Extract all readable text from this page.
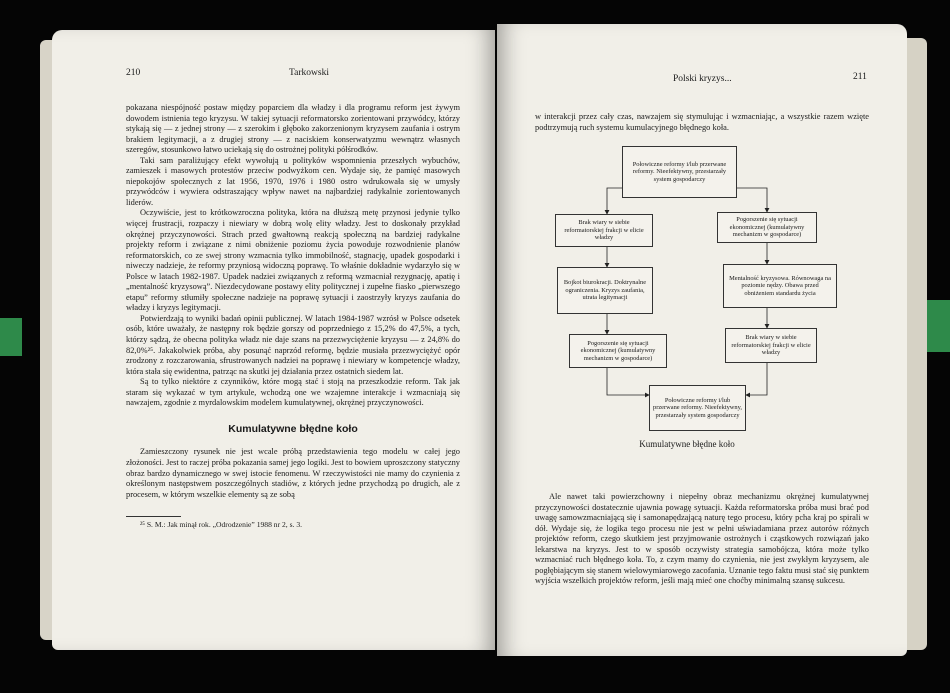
210	Tarkowski

pokazana niespójność postaw między poparciem dla władzy i dla programu reform jest żywym dowodem istnienia tego kryzysu. W takiej sytuacji reformatorsko zorientowani przywódcy, którzy stykają się — z jednej strony — z szerokim i głęboko zakorzenionym kryzysem zaufania i ostrym brakiem legitymacji, a z drugiej strony — z naciskiem konserwatyzmu wewnątrz własnych szeregów, stosunkowo łatwo uciekają się do ostrożnej polityki półśrodków.

Taki sam paraliżujący efekt wywołują u polityków wspomnienia przeszłych wybuchów, zamieszek i masowych protestów przeciw podwyżkom cen. Wydaje się, że pamięć masowych niepokojów społecznych z lat 1956, 1970, 1976 i 1980 ostro wdrukowała się w umysły przywódców i wywiera odstraszający wpływ nawet na najbardziej radykalnie zorientowanych liderów.

Oczywiście, jest to krótkowzroczna polityka, która na dłuższą metę przynosi jedynie tylko więcej frustracji, rozpaczy i niewiary w dobrą wolę elity władzy. Jest to doskonały przykład okrężnej przyczynowości. Strach przed gwałtowną reakcją społeczną na bardziej radykalne projekty reform i związane z nimi obniżenie poziomu życia powoduje rozwodnienie planów reformatorskich, co ze swej strony wzmacnia tylko immobilność, stagnację, upadek gospodarki i niweczy nadzieje, że reformy przyniosą widoczną poprawę. To właśnie dokładnie wydarzyło się w Polsce w latach 1982-1987. Upadek nadziei związanych z reformą wzmacniał rezygnację, apatię i „mentalność kryzysową”. Niezdecydowane postawy elity politycznej i zupełne fiasko „pierwszego etapu” reformy stłumiły społeczne nadzieje na poprawę sytuacji i zaostrzyły kryzys zaufania do władzy i kryzys legitymacji.

Potwierdzają to wyniki badań opinii publicznej. W latach 1984-1987 wzrósł w Polsce odsetek osób, które uważały, że następny rok będzie gorszy od poprzedniego z 15,2% do 47,5%, a tych, którzy sądzą, że obecna polityka władz nie daje szans na przezwyciężenie kryzysu — z 24,8% do 82,0%²⁵. Jakakolwiek próba, aby posunąć naprzód reformę, będzie musiała przezwyciężyć opór zrodzony z rozczarowania, sfrustrowanych nadziei na poprawę i niewiary w kompetencje władzy, która stała się ewidentna, patrząc na skutki jej działania przez ostatnich siedem lat.

Są to tylko niektóre z czynników, które mogą stać i stoją na przeszkodzie reform. Tak jak staram się wykazać w tym artykule, wchodzą one we wzajemne interakcje i wzmacniają się nawzajem, zgodnie z myrdalowskim modelem kumulatywnej, okrężnej przyczynowości.

Kumulatywne błędne koło

Zamieszczony rysunek nie jest wcale próbą przedstawienia tego modelu w całej jego złożoności. Jest to raczej próba pokazania samej jego logiki. Jest to bowiem uproszczony statyczny obraz bardzo dynamicznego w swej istocie fenomenu. W rzeczywistości nie mamy do czynienia z określonym następstwem poszczególnych stadiów, z których jedne przychodzą po drugich, ale z procesem, w którym wszelkie elementy są ze sobą

²⁵ S. M.: Jak minął rok. „Odrodzenie” 1988 nr 2, s. 3.

Polski kryzys...	211

w interakcji przez cały czas, nawzajem się stymulując i wzmacniając, a wszystkie razem wzięte podtrzymują ruch systemu kumulacyjnego błędnego koła.

Połowiczne reformy i/lub przerwane reformy. Nieefektywny, przestarzały system gospodarczy
Brak wiary w siebie reformatorskiej frakcji w elicie władzy
Pogorszenie się sytuacji ekonomicznej (kumulatywny mechanizm w gospodarce)
Bojkot biurokracji. Doktrynalne ograniczenia. Kryzys zaufania, utrata legitymacji
Mentalność kryzysowa. Równowaga na poziomie nędzy. Obawa przed obniżeniem standardu życia
Pogorszenie się sytuacji ekonomicznej (kumulatywny mechanizm w gospodarce)
Brak wiary w siebie reformatorskiej frakcji w elicie władzy
Połowiczne reformy i/lub przerwane reformy. Nieefektywny, przestarzały system gospodarczy
Kumulatywne błędne koło

Ale nawet taki powierzchowny i niepełny obraz mechanizmu okrężnej kumulatywnej przyczynowości dostatecznie ujawnia powagę sytuacji. Każda reformatorska próba musi brać pod uwagę samowzmacniającą się i samonapędzającą naturę tego procesu, który pcha kraj po spirali w dół. Wydaje się, że logika tego procesu nie jest w pełni uświadamiana przez autorów różnych projektów reform, czego skutkiem jest przyjmowanie ostrożnych i cząstkowych rozwiązań jako lekarstwa na kryzys. Jest to w sposób oczywisty strategia samobójcza, która może tylko wzmacniać ruch błędnego koła. To, z czym mamy do czynienia, nie jest zwykłym kryzysem, ale pogłębiającym się stanem wielowymiarowego zacofania. Uznanie tego faktu musi stać się punktem wyjścia wszelkich projektów reform, jeśli mają mieć one choćby minimalną szansę sukcesu.
